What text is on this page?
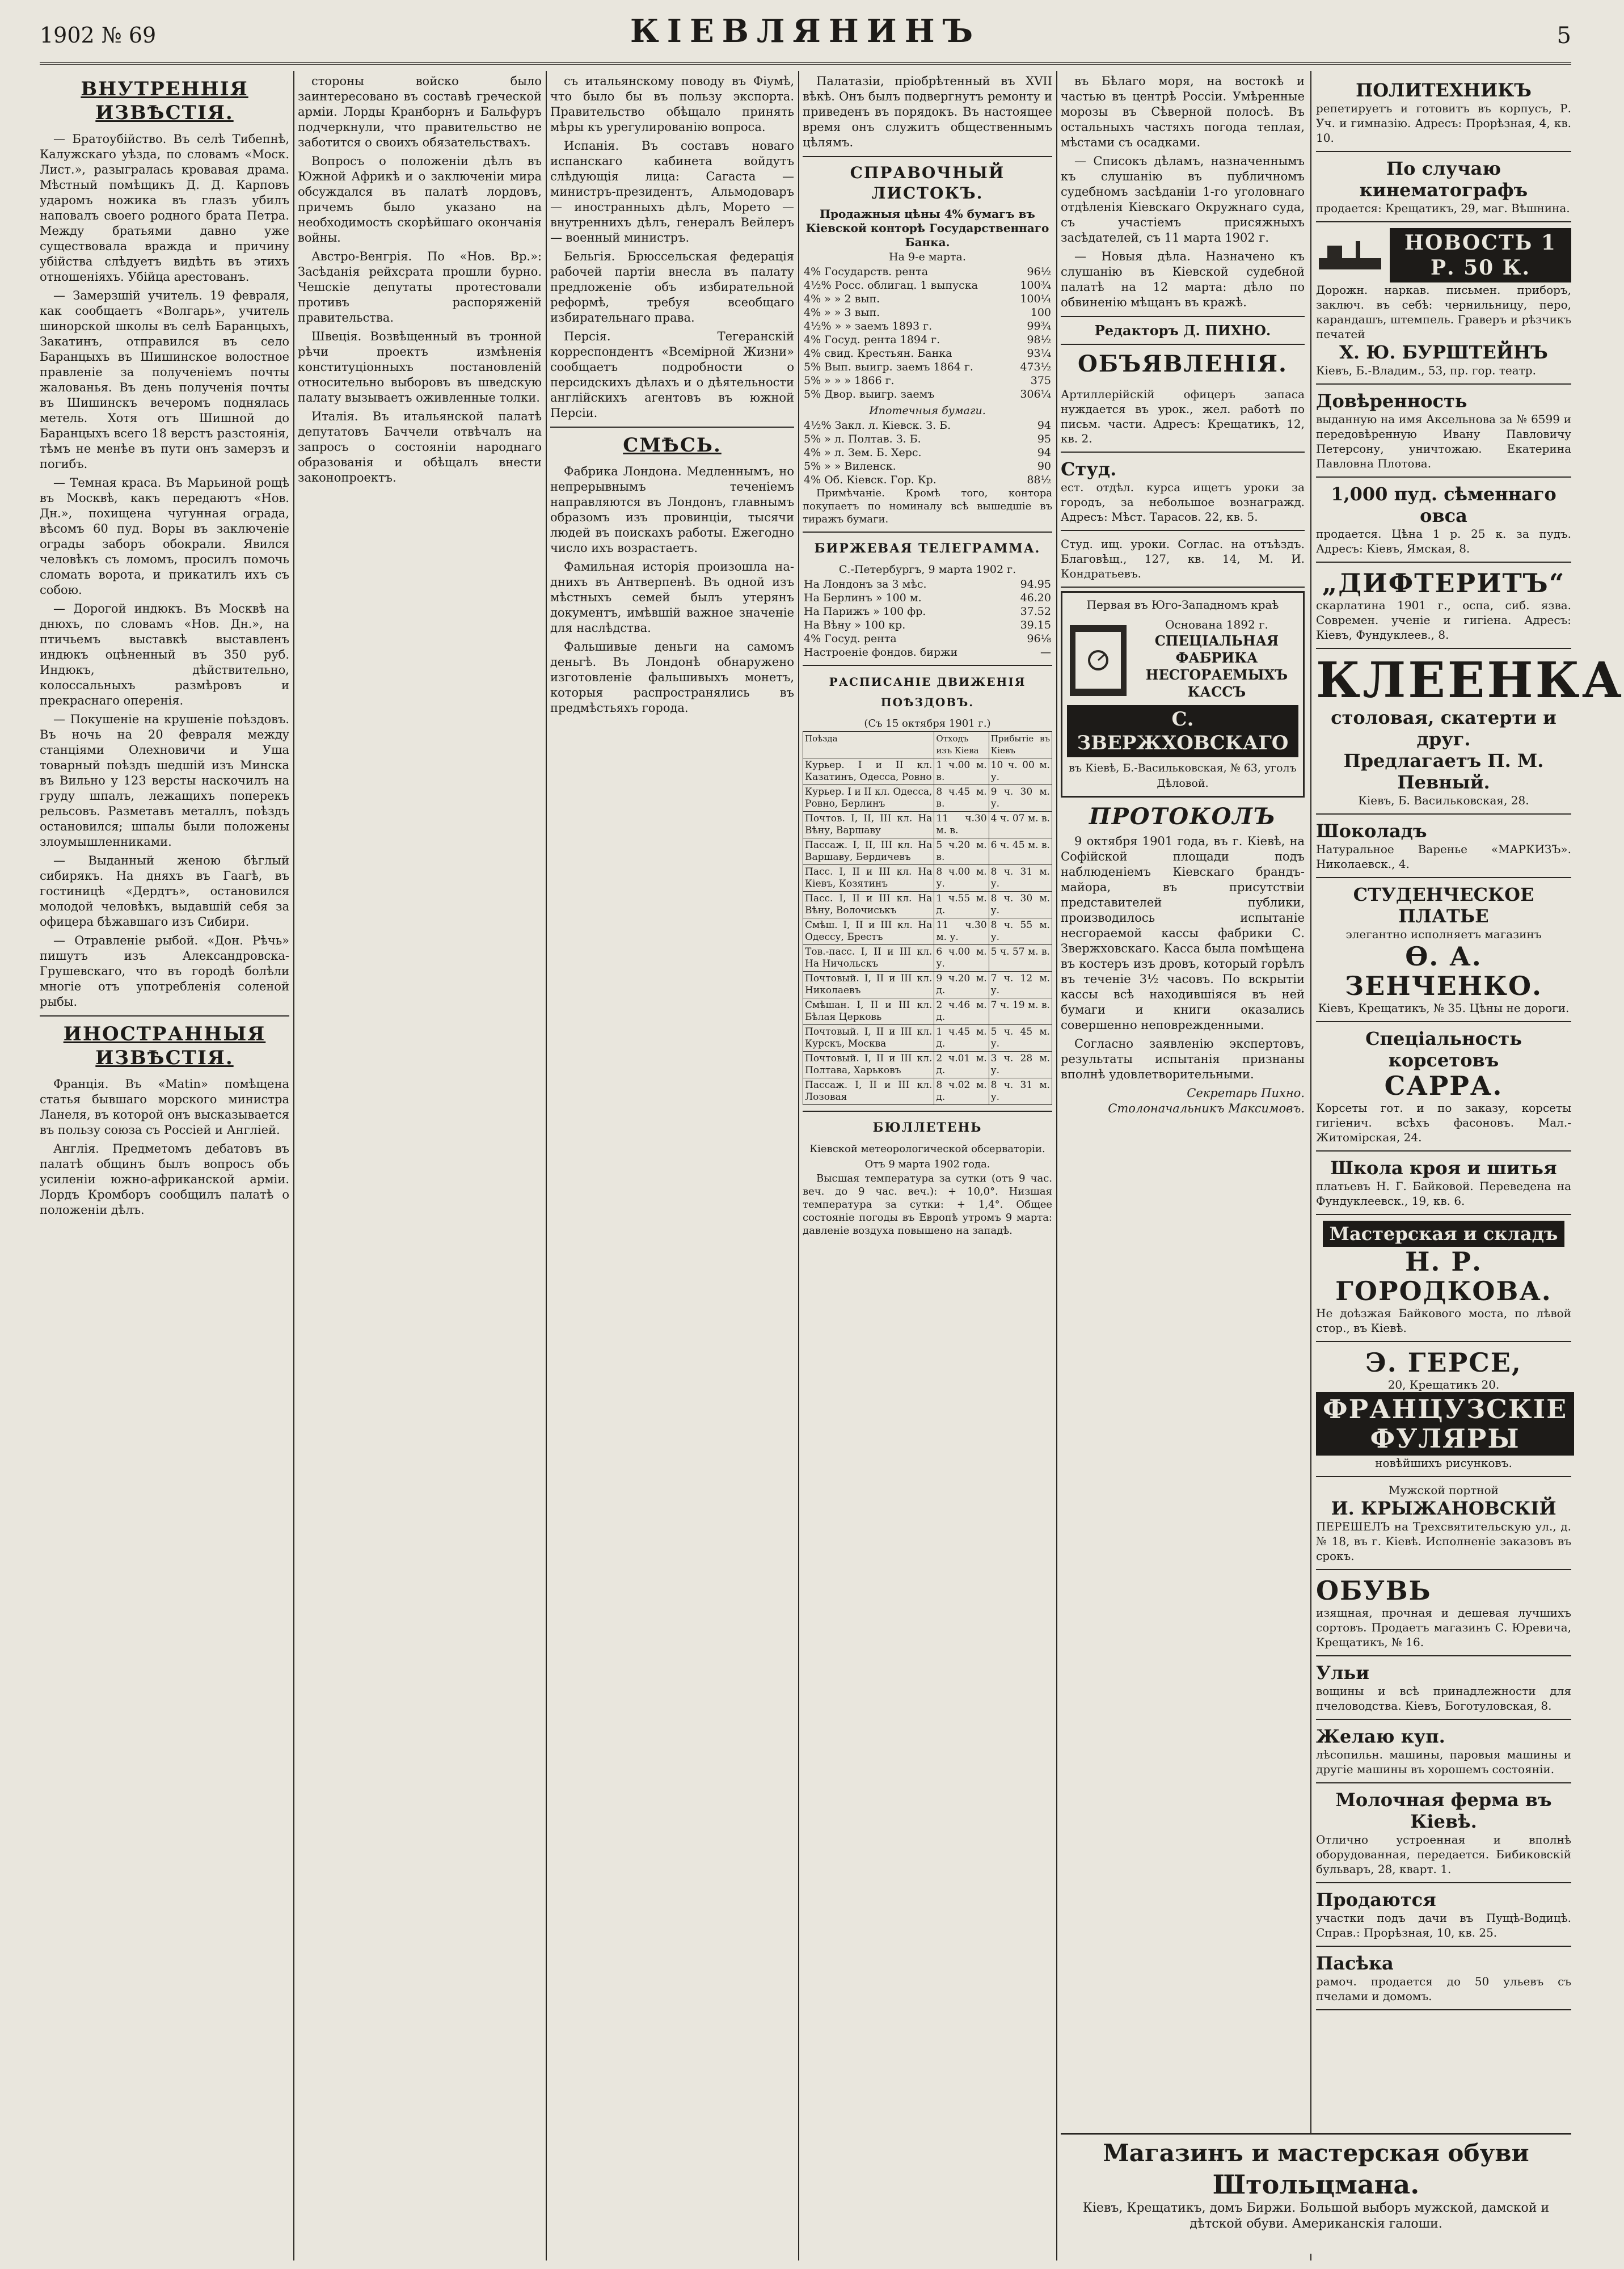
1902 № 69	КІЕВЛЯНИНЪ	5
ВНУТРЕННІЯ ИЗВѢСТІЯ.

— Братоубійство. Въ селѣ Тибепнѣ, Калужскаго уѣзда, по словамъ «Моск. Лист.», разыгралась кровавая драма. Мѣстный помѣщикъ Д. Д. Карповъ ударомъ ножика въ глазъ убилъ наповалъ своего родного брата Петра. Между братьями давно уже существовала вражда и причину убійства слѣдуетъ видѣть въ этихъ отношеніяхъ. Убійца арестованъ.

— Замерзшій учитель. 19 февраля, как сообщаетъ «Волгарь», учитель шинорской школы въ селѣ Баранцыхъ, Закатинъ, отправился въ село Баранцыхъ въ Шишинское волостное правленіе за полученіемъ почты жалованья. Въ день полученія почты въ Шишинскъ вечеромъ поднялась метель. Хотя отъ Шишной до Баранцыхъ всего 18 верстъ разстоянія, тѣмъ не менѣе въ пути онъ замерзъ и погибъ.

— Темная краса. Въ Марьиной рощѣ въ Москвѣ, какъ передаютъ «Нов. Дн.», похищена чугунная ограда, вѣсомъ 60 пуд. Воры въ заключеніе ограды заборъ обокрали. Явился человѣкъ съ ломомъ, просилъ помочь сломать ворота, и прикатилъ ихъ съ собою.

— Дорогой индюкъ. Въ Москвѣ на днюхъ, по словамъ «Нов. Дн.», на птичьемъ выставкѣ выставленъ индюкъ оцѣненный въ 350 руб. Индюкъ, дѣйствительно, колоссальныхъ размѣровъ и прекраснаго оперенія.

— Покушеніе на крушеніе поѣздовъ. Въ ночь на 20 февраля между станціями Олехновичи и Уша товарный поѣздъ шедшій изъ Минска въ Вильно у 123 версты наскочилъ на груду шпалъ, лежащихъ поперекъ рельсовъ. Разметавъ металлъ, поѣздъ остановился; шпалы были положены злоумышленниками.

— Выданный женою бѣглый сибирякъ. На дняхъ въ Гаагѣ, въ гостиницѣ «Дердтъ», остановился молодой человѣкъ, выдавшій себя за офицера бѣжавшаго изъ Сибири.

— Отравленіе рыбой. «Дон. Рѣчь» пишутъ изъ Александровска-Грушевскаго, что въ городѣ болѣли многіе отъ употребленія соленой рыбы.

ИНОСТРАННЫЯ ИЗВѢСТІЯ.

Франція. Въ «Matin» помѣщена статья бывшаго морского министра Ланеля, въ которой онъ высказывается въ пользу союза съ Россіей и Англіей.

Англія. Предметомъ дебатовъ въ палатѣ общинъ былъ вопросъ объ усиленіи южно-африканской арміи. Лордъ Кромборъ сообщилъ палатѣ о положеніи дѣлъ.

стороны войско было заинтересовано въ составѣ греческой арміи. Лорды Кранборнъ и Бальфуръ подчеркнули, что правительство не заботится о своихъ обязательствахъ.

Вопросъ о положеніи дѣлъ въ Южной Африкѣ и о заключеніи мира обсуждался въ палатѣ лордовъ, причемъ было указано на необходимость скорѣйшаго окончанія войны.

Австро-Венгрія. По «Нов. Вр.»: Засѣданія рейхсрата прошли бурно. Чешскіе депутаты протестовали противъ распоряженій правительства.

Швеція. Возвѣщенный въ тронной рѣчи проектъ измѣненія конституціонныхъ постановленій относительно выборовъ въ шведскую палату вызываетъ оживленные толки.

Италія. Въ итальянской палатѣ депутатовъ Баччели отвѣчалъ на запросъ о состояніи народнаго образованія и обѣщалъ внести законопроектъ.

съ итальянскому поводу въ Фіумѣ, что было бы въ пользу экспорта. Правительство обѣщало принять мѣры къ урегулированію вопроса.

Испанія. Въ составъ новаго испанскаго кабинета войдутъ слѣдующія лица: Сагаста — министръ-президентъ, Альмодоваръ — иностранныхъ дѣлъ, Морето — внутреннихъ дѣлъ, генералъ Вейлеръ — военный министръ.

Бельгія. Брюссельская федерація рабочей партіи внесла въ палату предложеніе объ избирательной реформѣ, требуя всеобщаго избирательнаго права.

Персія. Тегеранскій корреспондентъ «Всемірной Жизни» сообщаетъ подробности о персидскихъ дѣлахъ и о дѣятельности англійскихъ агентовъ въ южной Персіи.

СМѢСЬ.

Фабрика Лондона. Медленнымъ, но непрерывнымъ теченіемъ направляются въ Лондонъ, главнымъ образомъ изъ провинціи, тысячи людей въ поискахъ работы. Ежегодно число ихъ возрастаетъ.

Фамильная исторія произошла на-днихъ въ Антверпенѣ. Въ одной изъ мѣстныхъ семей былъ утерянъ документъ, имѣвшій важное значеніе для наслѣдства.

Фальшивые деньги на самомъ деньгѣ. Въ Лондонѣ обнаружено изготовленіе фальшивыхъ монетъ, которыя распространялись въ предмѣстьяхъ города.

Палатазіи, пріобрѣтенный въ XVII вѣкѣ. Онъ былъ подвергнутъ ремонту и приведенъ въ порядокъ. Въ настоящее время онъ служитъ общественнымъ цѣлямъ.

СПРАВОЧНЫЙ ЛИСТОКЪ.
Продажныя цѣны 4% бумагъ въ Кіевской конторѣ Государственнаго Банка.
На 9-е марта.
4% Государств. рента	96½
4½% Росс. облигац. 1 выпуска	100¾
4% » » 2 вып.	100¼
4% » » 3 вып.	100
4½% » » заемъ 1893 г.	99¾
4% Госуд. рента 1894 г.	98½
4% свид. Крестьян. Банка	93¼
5% Вып. выигр. заемъ 1864 г.	473½
5% » » » 1866 г.	375
5% Двор. выигр. заемъ	306¼
Ипотечныя бумаги.
4½% Закл. л. Кіевск. З. Б.	94
5% » л. Полтав. З. Б.	95
4% » л. Зем. Б. Херс.	94
5% » » Виленск.	90
4% Об. Кіевск. Гор. Кр.	88½

Примѣчаніе. Кромѣ того, контора покупаетъ по номиналу всѣ вышедшіе въ тиражъ бумаги.

БИРЖЕВАЯ ТЕЛЕГРАММА.
С.-Петербургъ, 9 марта 1902 г.
На Лондонъ за 3 мѣс.	94.95
На Берлинъ » 100 м.	46.20
На Парижъ » 100 фр.	37.52
На Вѣну » 100 кр.	39.15
4% Госуд. рента	96⅛
Настроеніе фондов. биржи	—
РАСПИСАНІЕ ДВИЖЕНІЯ ПОѢЗДОВЪ.
(Съ 15 октября 1901 г.)
Поѣзда	Отходъ изъ Кіева	Прибытіе въ Кіевъ
Курьер. I и II кл. Казатинъ, Одесса, Ровно	1 ч.00 м. в.	10 ч. 00 м. у.
Курьер. I и II кл. Одесса, Ровно, Берлинъ	8 ч.45 м. в.	9 ч. 30 м. у.
Почтов. I, II, III кл. На Вѣну, Варшаву	11 ч.30 м. в.	4 ч. 07 м. в.
Пассаж. I, II, III кл. На Варшаву, Бердичевъ	5 ч.20 м. в.	6 ч. 45 м. в.
Пасс. I, II и III кл. На Кіевъ, Козятинъ	8 ч.00 м. у.	8 ч. 31 м. у.
Пасс. I, II и III кл. На Вѣну, Волочиськъ	1 ч.55 м. д.	8 ч. 30 м. у.
Смѣш. I, II и III кл. На Одессу, Брестъ	11 ч.30 м. у.	8 ч. 55 м. у.
Тов.-пасс. I, II и III кл. На Ничольскъ	6 ч.00 м. у.	5 ч. 57 м. в.
Почтовый. I, II и III кл. Николаевъ	9 ч.20 м. д.	7 ч. 12 м. у.
Смѣшан. I, II и III кл. Бѣлая Церковь	2 ч.46 м. д.	7 ч. 19 м. в.
Почтовый. I, II и III кл. Курскъ, Москва	1 ч.45 м. д.	5 ч. 45 м. у.
Почтовый. I, II и III кл. Полтава, Харьковъ	2 ч.01 м. д.	3 ч. 28 м. у.
Пассаж. I, II и III кл. Лозовая	8 ч.02 м. д.	8 ч. 31 м. у.
БЮЛЛЕТЕНЬ
Кіевской метеорологической обсерваторіи. Отъ 9 марта 1902 года.

Высшая температура за сутки (отъ 9 час. веч. до 9 час. веч.): + 10,0°. Низшая температура за сутки: + 1,4°. Общее состояніе погоды въ Европѣ утромъ 9 марта: давленіе воздуха повышено на западѣ.

въ Бѣлаго моря, на востокѣ и частью въ центрѣ Россіи. Умѣренные морозы въ Сѣверной полосѣ. Въ остальныхъ частяхъ погода теплая, мѣстами съ осадками.

— Списокъ дѣламъ, назначеннымъ къ слушанію въ публичномъ судебномъ засѣданіи 1-го уголовнаго отдѣленія Кіевскаго Окружнаго суда, съ участіемъ присяжныхъ засѣдателей, съ 11 марта 1902 г.

— Новыя дѣла. Назначено къ слушанію въ Кіевской судебной палатѣ на 12 марта: дѣло по обвиненію мѣщанъ въ кражѣ.

Редакторъ Д. ПИХНО.
ОБЪЯВЛЕНІЯ.
Артиллерійскій офицеръ запаса нуждается въ урок., жел. работѣ по письм. части. Адресъ: Крещатикъ, 12, кв. 2.
Студ.
ест. отдѣл. курса ищетъ уроки за городъ, за небольшое вознагражд. Адресъ: Мѣст. Тарасов. 22, кв. 5.
Студ. ищ. уроки. Соглас. на отъѣздъ. Благовѣщ., 127, кв. 14, М. И. Кондратьевъ.
Первая въ Юго-Западномъ краѣ
Основана 1892 г.
СПЕЦІАЛЬНАЯ ФАБРИКА НЕСГОРАЕМЫХЪ КАССЪ
С. ЗВЕРЖХОВСКАГО
въ Кіевѣ, Б.-Васильковская, № 63, уголъ Дѣловой.
ПРОТОКОЛЪ

9 октября 1901 года, въ г. Кіевѣ, на Софійской площади подъ наблюденіемъ Кіевскаго брандъ-майора, въ присутствіи представителей публики, производилось испытаніе несгораемой кассы фабрики С. Звержховскаго. Касса была помѣщена въ костеръ изъ дровъ, который горѣлъ въ теченіе 3½ часовъ. По вскрытіи кассы всѣ находившіяся въ ней бумаги и книги оказались совершенно неповрежденными.

Согласно заявленію экспертовъ, результаты испытанія признаны вполнѣ удовлетворительными.

Секретарь Пихно. Столоначальникъ Максимовъ.

ПОЛИТЕХНИКЪ
репетируетъ и готовитъ въ корпусъ, Р. Уч. и гимназію. Адресъ: Прорѣзная, 4, кв. 10.
По случаю кинематографъ
продается: Крещатикъ, 29, маг. Вѣшнина.
НОВОСТЬ 1 Р. 50 К.
Дорожн. наркав. письмен. приборъ, заключ. въ себѣ: чернильницу, перо, карандашъ, штемпель. Граверъ и рѣзчикъ печатей
Х. Ю. БУРШТЕЙНЪ
Кіевъ, Б.-Владим., 53, пр. гор. театр.
Довѣренность
выданную на имя Аксельнова за № 6599 и передовѣренную Ивану Павловичу Петерсону, уничтожаю. Екатерина Павловна Плотова.
1,000 пуд. сѣменнаго овса
продается. Цѣна 1 р. 25 к. за пудъ. Адресъ: Кіевъ, Ямская, 8.
„ДИФТЕРИТЪ“
скарлатина 1901 г., оспа, сиб. язва. Современ. ученіе и гигіена. Адресъ: Кіевъ, Фундуклеев., 8.
КЛЕЕНКА
столовая, скатерти и друг.
Предлагаетъ П. М. Певный.
Кіевъ, Б. Васильковская, 28.
Шоколадъ
Натуральное Варенье «МАРКИЗЪ». Николаевск., 4.
СТУДЕНЧЕСКОЕ ПЛАТЬЕ
элегантно исполняетъ магазинъ
Ѳ. А. ЗЕНЧЕНКО.
Кіевъ, Крещатикъ, № 35. Цѣны не дороги.
Спеціальность корсетовъ
САРРА.
Корсеты гот. и по заказу, корсеты гигіенич. всѣхъ фасоновъ. Мал.-Житомірская, 24.
Школа кроя и шитья
платьевъ Н. Г. Байковой. Переведена на Фундуклеевск., 19, кв. 6.
Мастерская и складъ
Н. Р. ГОРОДКОВА.
Не доѣзжая Байкового моста, по лѣвой стор., въ Кіевѣ.
Э. ГЕРСЕ,
20, Крещатикъ 20.
ФРАНЦУЗСКІЕ ФУЛЯРЫ
новѣйшихъ рисунковъ.
Мужской портной
И. КРЫЖАНОВСКІЙ
ПЕРЕШЕЛЪ на Трехсвятительскую ул., д. № 18, въ г. Кіевѣ. Исполненіе заказовъ въ срокъ.
ОБУВЬ
изящная, прочная и дешевая лучшихъ сортовъ. Продаетъ магазинъ С. Юревича, Крещатикъ, № 16.
Ульи
вощины и всѣ принадлежности для пчеловодства. Кіевъ, Боготуловская, 8.
Желаю куп.
лѣсопильн. машины, паровыя машины и другіе машины въ хорошемъ состояніи.
Молочная ферма въ Кіевѣ.
Отлично устроенная и вполнѣ оборудованная, передается. Бибиковскій бульваръ, 28, кварт. 1.
Продаются
участки подъ дачи въ Пущѣ-Водицѣ. Справ.: Прорѣзная, 10, кв. 25.
Пасѣка
рамоч. продается до 50 ульевъ съ пчелами и домомъ.
Магазинъ и мастерская обуви
Штольцмана.
Кіевъ, Крещатикъ, домъ Биржи. Большой выборъ мужской, дамской и дѣтской обуви. Американскія галоши.
